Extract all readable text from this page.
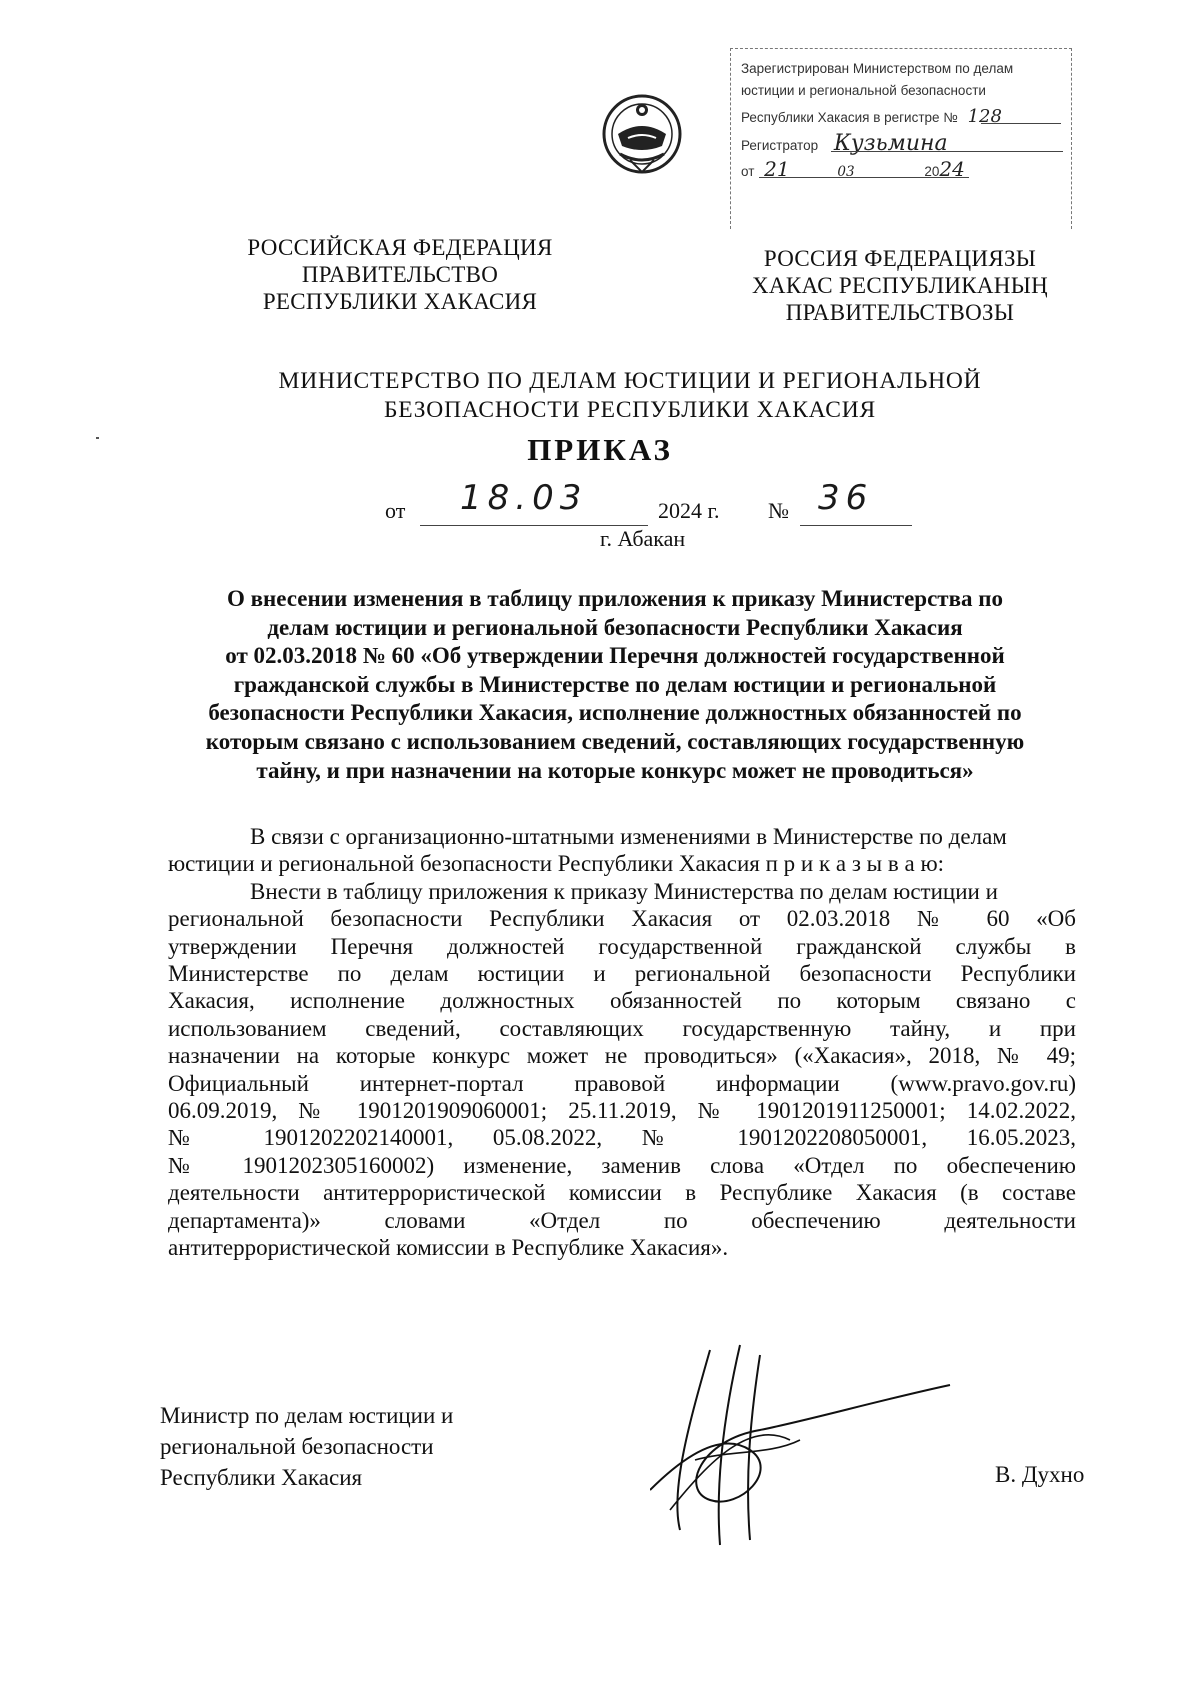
Зарегистрирован Министерством по делам
юстиции и региональной безопасности
Республики Хакасия в регистре № 128
Регистратор Кузьмина
от 21	03	2024
РОССИЙСКАЯ ФЕДЕРАЦИЯ
ПРАВИТЕЛЬСТВО
РЕСПУБЛИКИ ХАКАСИЯ
РОССИЯ ФЕДЕРАЦИЯЗЫ
ХАКАС РЕСПУБЛИКАНЫҢ
ПРАВИТЕЛЬСТВОЗЫ
МИНИСТЕРСТВО ПО ДЕЛАМ ЮСТИЦИИ И РЕГИОНАЛЬНОЙ
БЕЗОПАСНОСТИ РЕСПУБЛИКИ ХАКАСИЯ
ПРИКАЗ
от 18.03	2024 г. № 36
г. Абакан
О внесении изменения в таблицу приложения к приказу Министерства по
делам юстиции и региональной безопасности Республики Хакасия
от 02.03.2018 № 60 «Об утверждении Перечня должностей государственной
гражданской службы в Министерстве по делам юстиции и региональной
безопасности Республики Хакасия, исполнение должностных обязанностей по
которым связано с использованием сведений, составляющих государственную
тайну, и при назначении на которые конкурс может не проводиться»
В связи с организационно-штатными изменениями в Министерстве по делам
юстиции и региональной безопасности Республики Хакасия п р и к а з ы в а ю:
Внести в таблицу приложения к приказу Министерства по делам юстиции и
региональной безопасности Республики Хакасия от 02.03.2018 № 60 «Об
утверждении Перечня должностей государственной гражданской службы в
Министерстве по делам юстиции и региональной безопасности Республики
Хакасия, исполнение должностных обязанностей по которым связано с
использованием сведений, составляющих государственную тайну, и при
назначении на которые конкурс может не проводиться» («Хакасия», 2018, № 49;
Официальный интернет-портал правовой информации (www.pravo.gov.ru)
06.09.2019, № 1901201909060001; 25.11.2019, № 1901201911250001; 14.02.2022,
№ 1901202202140001, 05.08.2022, № 1901202208050001, 16.05.2023,
№ 1901202305160002) изменение, заменив слова «Отдел по обеспечению
деятельности антитеррористической комиссии в Республике Хакасия (в составе
департамента)» словами «Отдел по обеспечению деятельности
антитеррористической комиссии в Республике Хакасия».
Министр по делам юстиции и
региональной безопасности
Республики Хакасия	В. Духно
